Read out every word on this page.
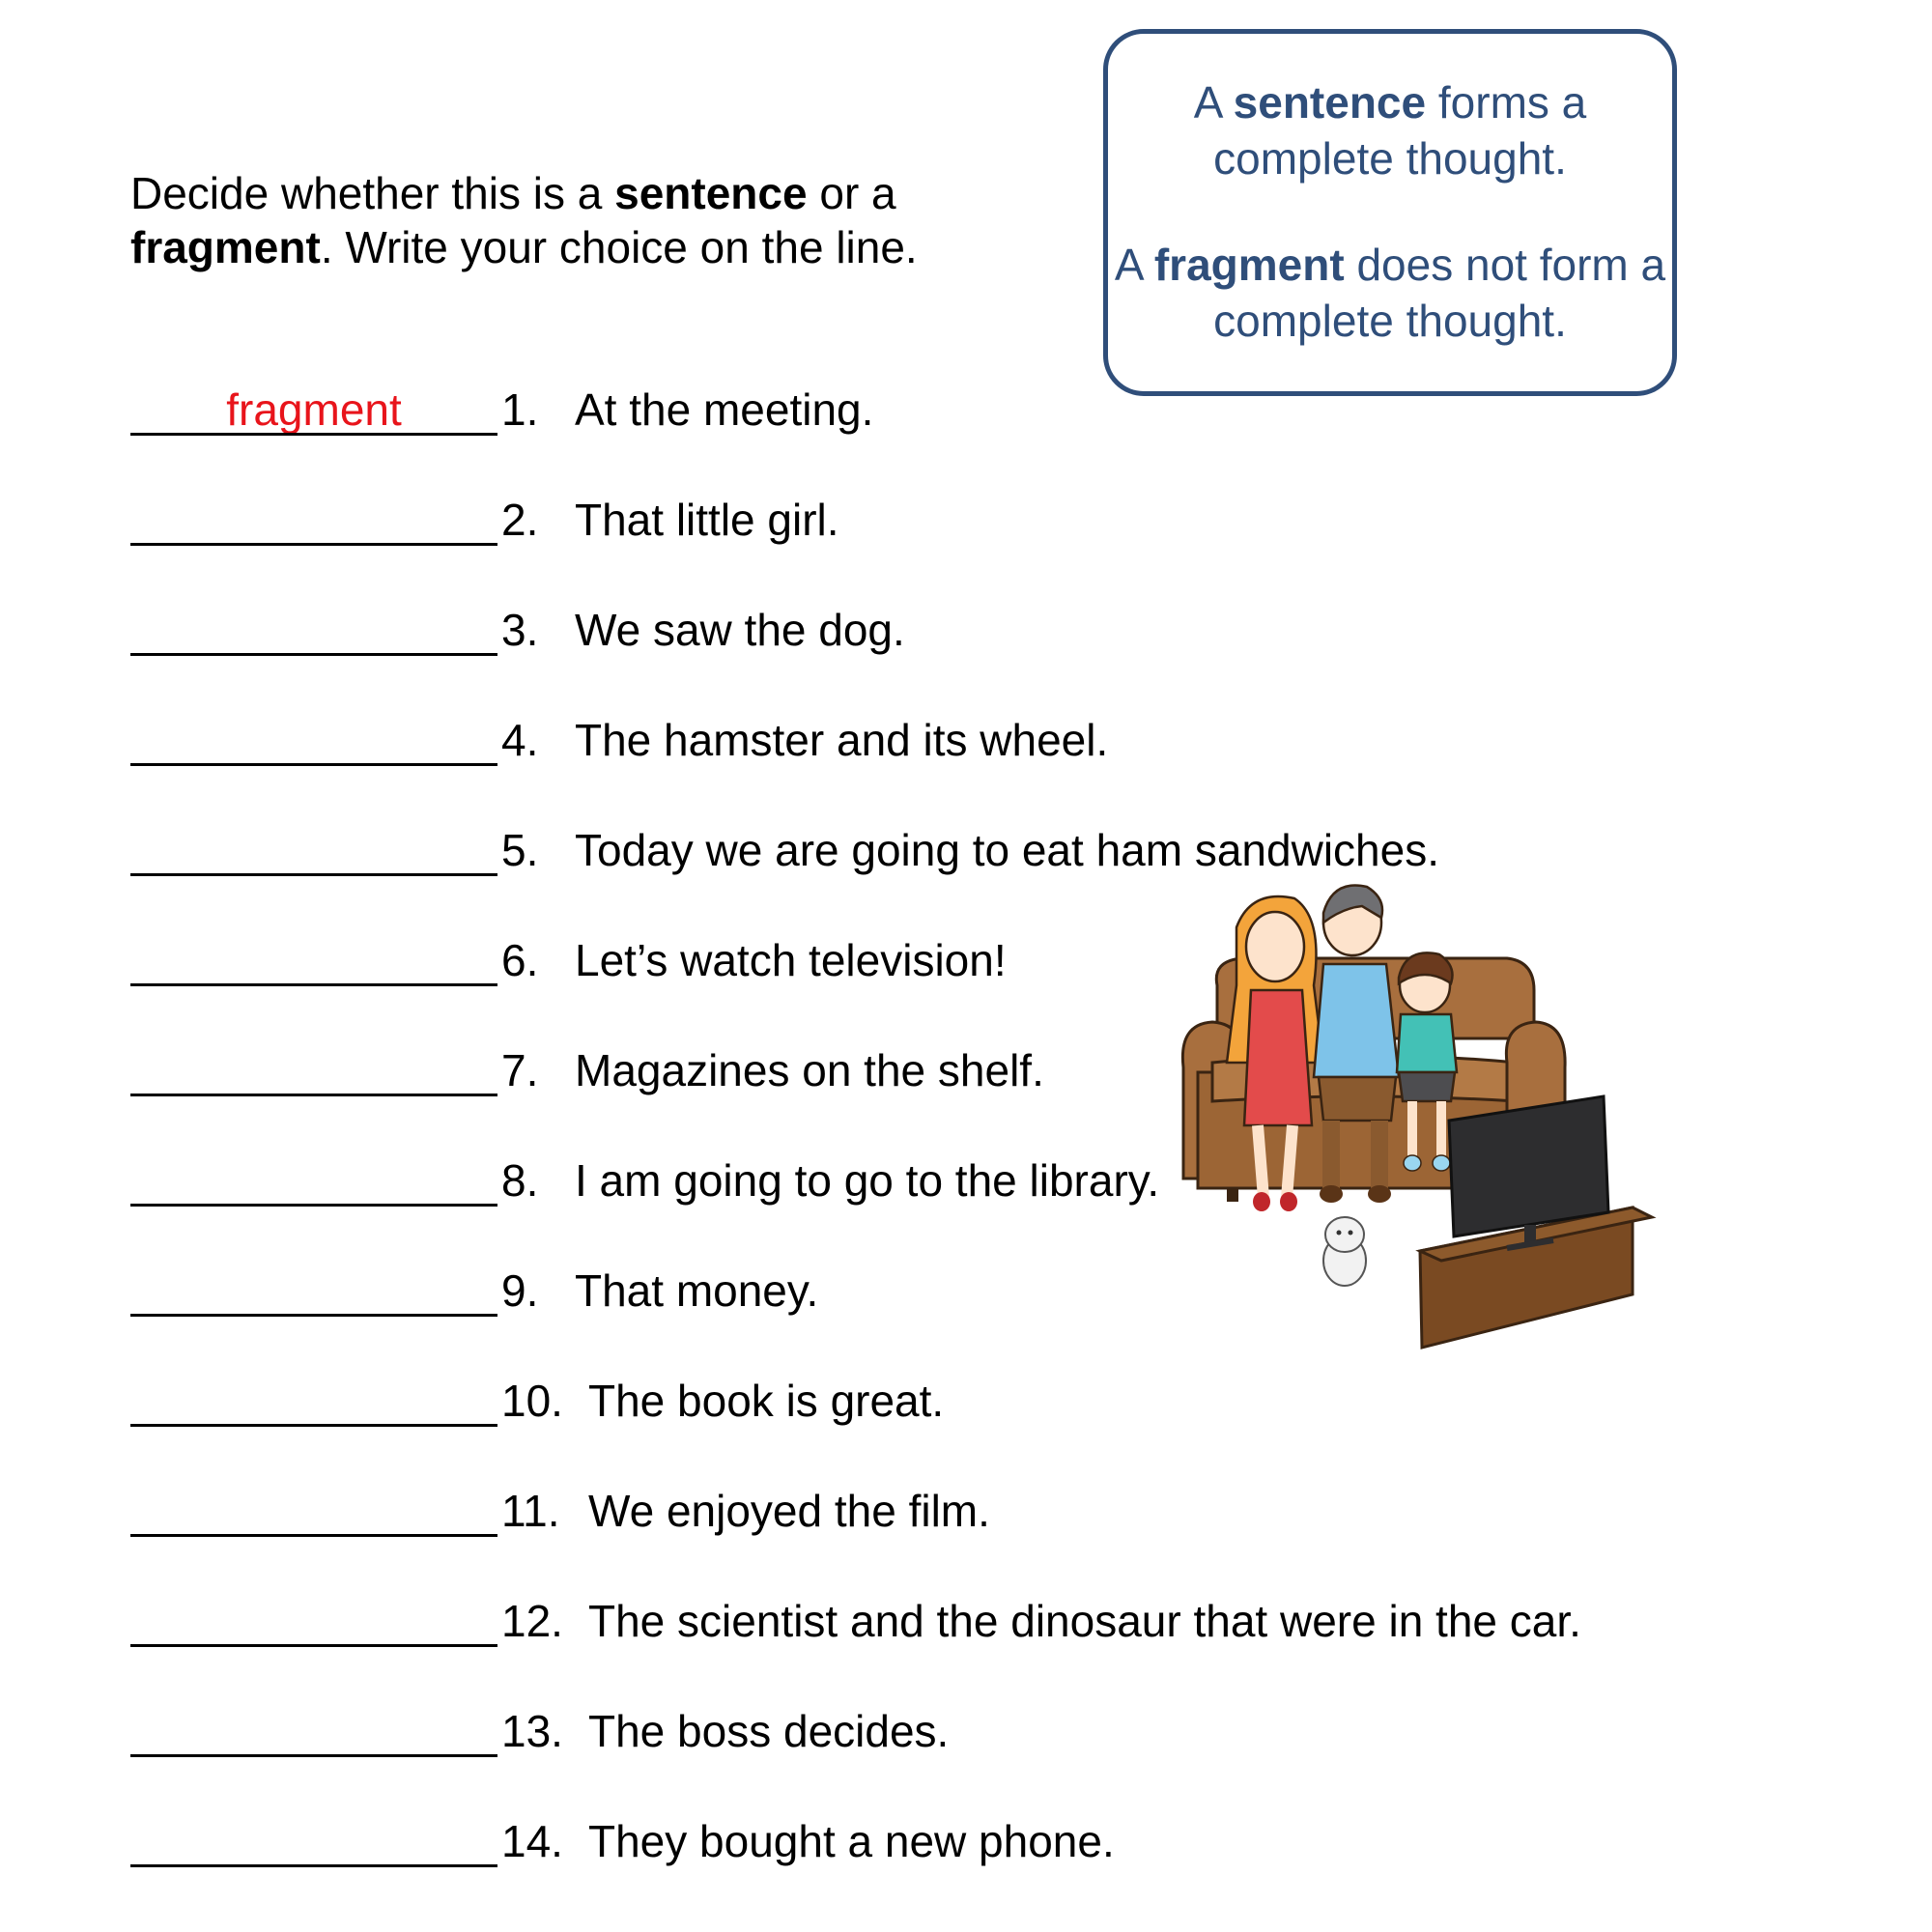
Decide whether this is a sentence or a
fragment. Write your choice on the line.

A sentence forms a complete thought.

A fragment does not form a complete thought.

fragment	1. At the meeting.
2. That little girl.
3. We saw the dog.
4. The hamster and its wheel.
5. Today we are going to eat ham sandwiches.
6. Let’s watch television!
7. Magazines on the shelf.
8. I am going to go to the library.
9. That money.
10. The book is great.
11. We enjoyed the film.
12. The scientist and the dinosaur that were in the car.
13. The boss decides.
14. They bought a new phone.
